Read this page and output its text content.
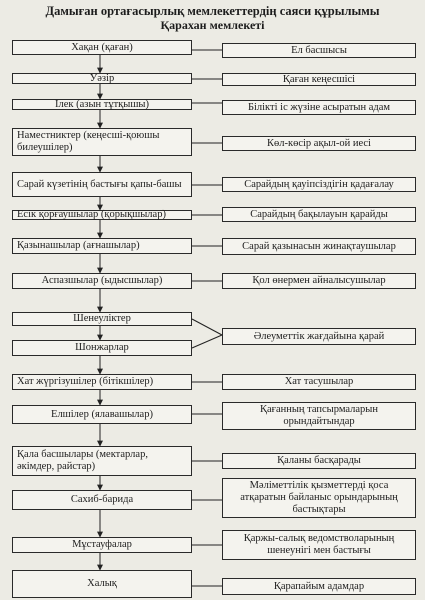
Дамыған ортағасырлық мемлекеттердің саяси құрылымы
Қарахан мемлекеті
Хақан (қаған)
Уәзір
Ілек (азын тұтқышы)
Наместниктер (кеңесші-қоюшы билеушілер)
Сарай күзетінің бастығы қапы-башы
Есік қорғаушылар (қорықшылар)
Қазынашылар (ағнашылар)
Аспазшылар (ыдысшылар)
Шенеуліктер
Шонжарлар
Хат жүргізушілер (бітікшілер)
Елшілер (ялавашылар)
Қала басшылары (мектарлар, әкімдер, райстар)
Сахиб-барида
Мұстауфалар
Халық
Ел басшысы
Қаған кеңесшісі
Білікті іс жүзіне асыратын адам
Көл-көсір ақыл-ой иесі
Сарайдың қауіпсіздігін қадағалау
Сарайдың бақылауын қарайды
Сарай қазынасын жинақтаушылар
Қол өнермен айналысушылар
Әлеуметтік жағдайына қарай
Хат тасушылар
Қағанның тапсырмаларын орындайтындар
Қаланы басқарады
Мәліметтілік қызметтерді қоса атқаратын байланыс орындарының бастықтары
Қаржы-салық ведомстволарының шенеунігі мен бастығы
Қарапайым адамдар
